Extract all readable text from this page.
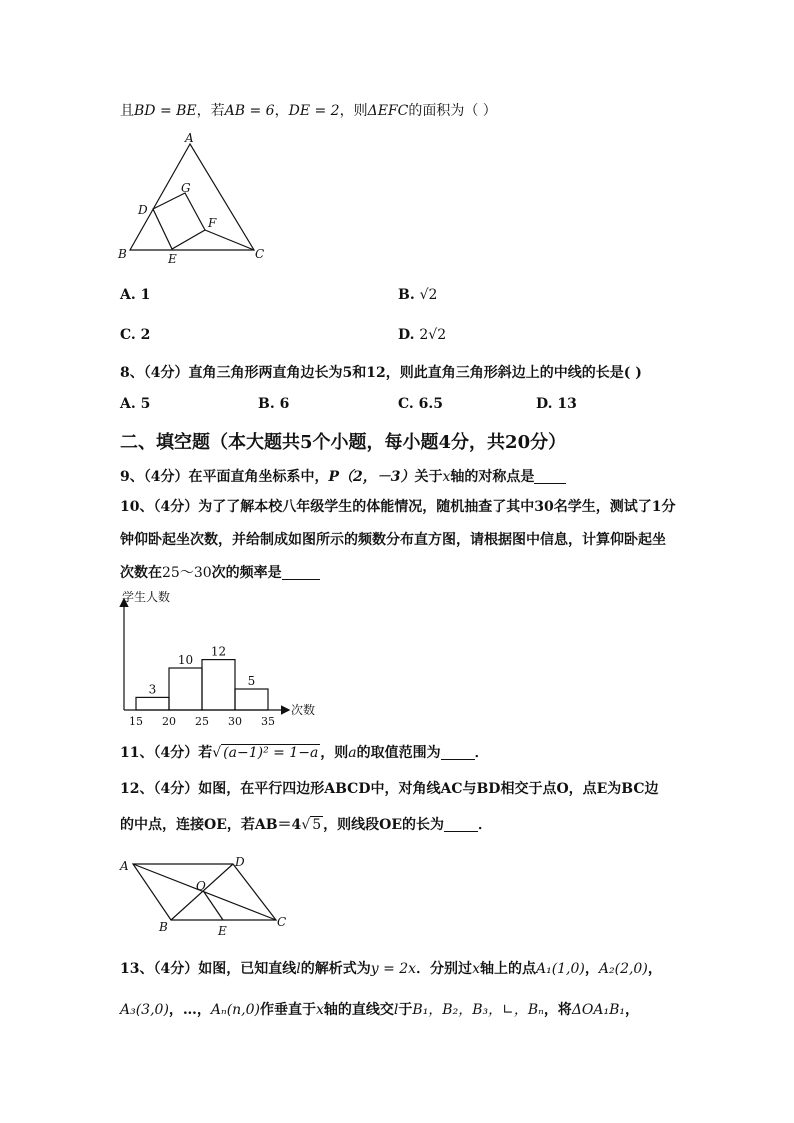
且BD = BE，若AB = 6，DE = 2，则ΔEFC的面积为（ ）
A
G
D
F
B	E	C
A. 1	B. √2
C. 2	D. 2√2
8、（4分）直角三角形两直角边长为5和12，则此直角三角形斜边上的中线的长是( )
A. 5	B. 6	C. 6.5	D. 13
二、填空题（本大题共5个小题，每小题4分，共20分）
9、（4分）在平面直角坐标系中，P（2，－3）关于x轴的对称点是
10、（4分）为了了解本校八年级学生的体能情况，随机抽查了其中30名学生，测试了1分
钟仰卧起坐次数，并给制成如图所示的频数分布直方图，请根据图中信息，计算仰卧起坐
次数在25～30次的频率是
学生人数
次数
3
10
12
5
15 20 25 30 35
11、（4分）若√ (a−1)² = 1−a ，则a的取值范围为 ．
12、（4分）如图，在平行四边形ABCD中，对角线AC与BD相交于点O，点E为BC边
的中点，连接OE，若AB＝4√ 5 ，则线段OE的长为 ．
A	D
O
B	E
C
13、（4分）如图，已知直线l的解析式为y = 2x．分别过x轴上的点A₁(1,0)，A₂(2,0)，
A₃(3,0)，…，Aₙ(n,0)作垂直于x轴的直线交l于B₁，B₂，B₃，∟，Bₙ，将ΔOA₁B₁，
